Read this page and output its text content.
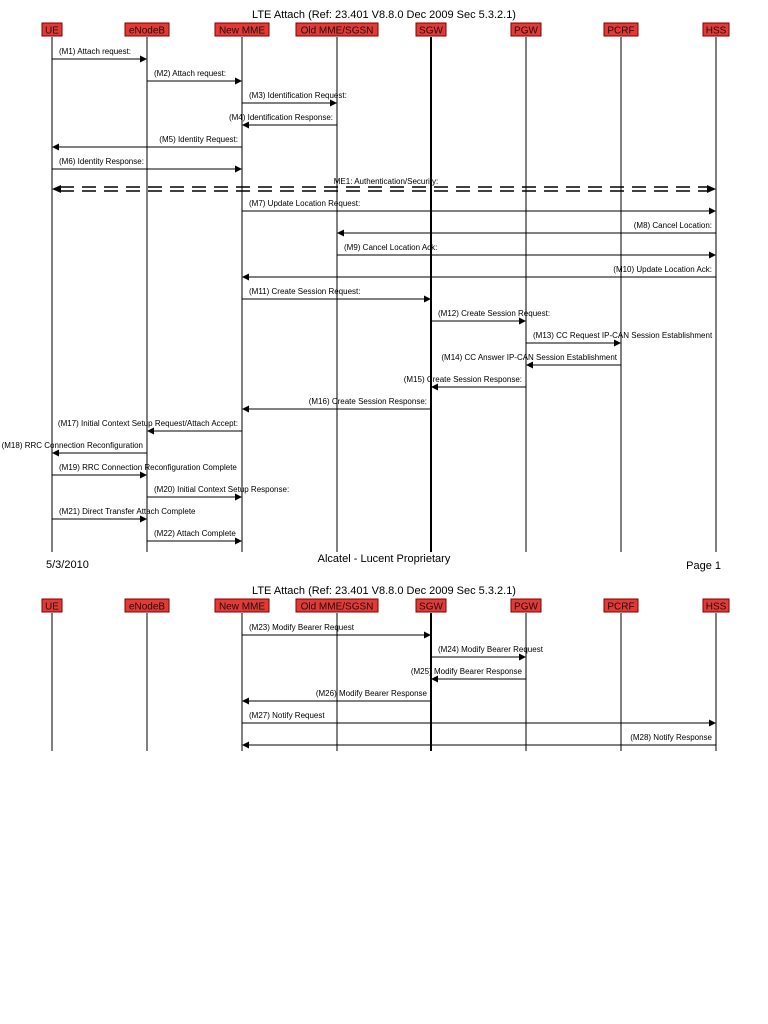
LTE Attach (Ref: 23.401 V8.8.0 Dec 2009 Sec 5.3.2.1)
UE	eNodeB	New MME	Old MME/SGSN	SGW	PGW	PCRF	HSS
(M1) Attach request:
(M2) Attach request:
(M3) Identification Request:
(M4) Identification Response:
(M5) Identity Request:
(M6) Identity Response:
ME1: Authentication/Security:
(M7) Update Location Request:
(M8) Cancel Location:
(M9) Cancel Location Ack:
(M10) Update Location Ack:
(M11) Create Session Request:
(M12) Create Session Request:
(M13) CC Request IP-CAN Session Establishment
(M14) CC Answer IP-CAN Session Establishment
(M15) Create Session Response:
(M16) Create Session Response:
(M17) Initial Context Setup Request/Attach Accept:
(M18) RRC Connection Reconfiguration
(M19) RRC Connection Reconfiguration Complete
(M20) Initial Context Setup Response:
(M21) Direct Transfer Attach Complete
(M22) Attach Complete
5/3/2010	Alcatel - Lucent Proprietary
Page 1
LTE Attach (Ref: 23.401 V8.8.0 Dec 2009 Sec 5.3.2.1)
UE	eNodeB	New MME	Old MME/SGSN	SGW	PGW	PCRF	HSS
(M23) Modify Bearer Request
(M24) Modify Bearer Request
(M25) Modify Bearer Response
(M26) Modify Bearer Response
(M27) Notify Request
(M28) Notify Response
